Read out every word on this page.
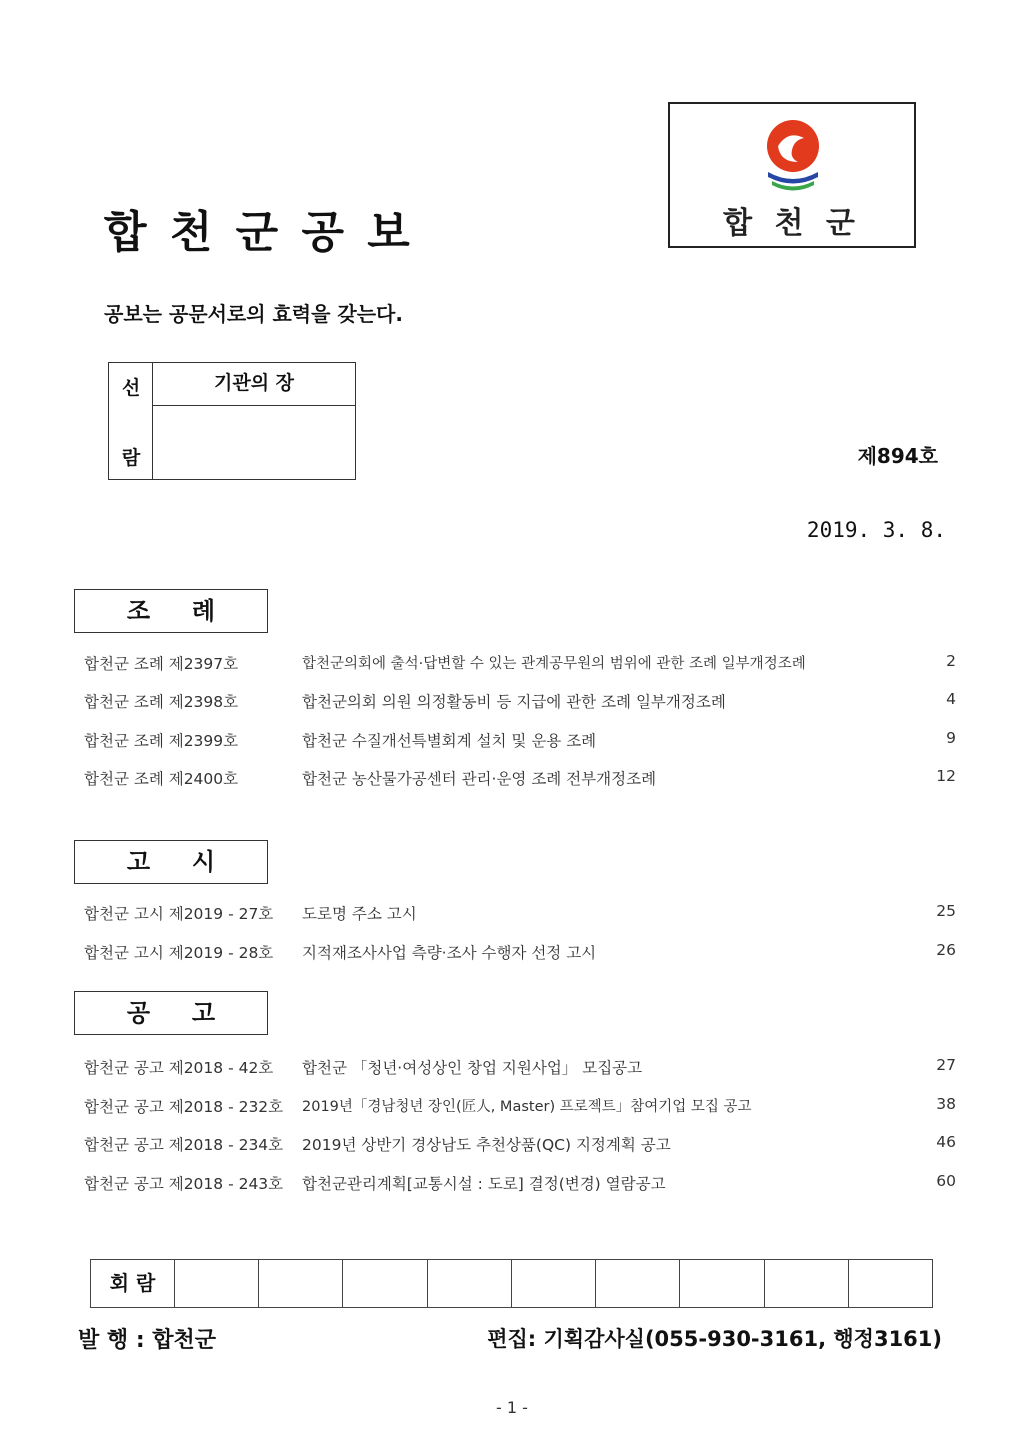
합 천 군 공 보	합 천 군
공보는 공문서로의 효력을 갖는다.
선
람
기관의 장
제894호
2019. 3. 8.
조     례
합천군 조례 제2397호	합천군의회에 출석·답변할 수 있는 관계공무원의 범위에 관한 조례 일부개정조례	2
합천군 조례 제2398호	합천군의회 의원 의정활동비 등 지급에 관한 조례 일부개정조례	4
합천군 조례 제2399호	합천군 수질개선특별회계 설치 및 운용 조례	9
합천군 조례 제2400호	합천군 농산물가공센터 관리·운영 조례 전부개정조례	12
고     시
합천군 고시 제2019 - 27호 도로명 주소 고시	25
합천군 고시 제2019 - 28호 지적재조사사업 측량·조사 수행자 선정 고시	26
공     고
합천군 공고 제2018 - 42호 합천군 「청년·여성상인 창업 지원사업」 모집공고	27
합천군 공고 제2018 - 232호 2019년「경남청년 장인(匠人, Master) 프로젝트」참여기업 모집 공고	38
합천군 공고 제2018 - 234호 2019년 상반기 경상남도 추천상품(QC) 지정계획 공고	46
합천군 공고 제2018 - 243호 합천군관리계획[교통시설 : 도로] 결정(변경) 열람공고	60
회 람
발 행 : 합천군	편집: 기획감사실(055-930-3161, 행정3161)
- 1 -
